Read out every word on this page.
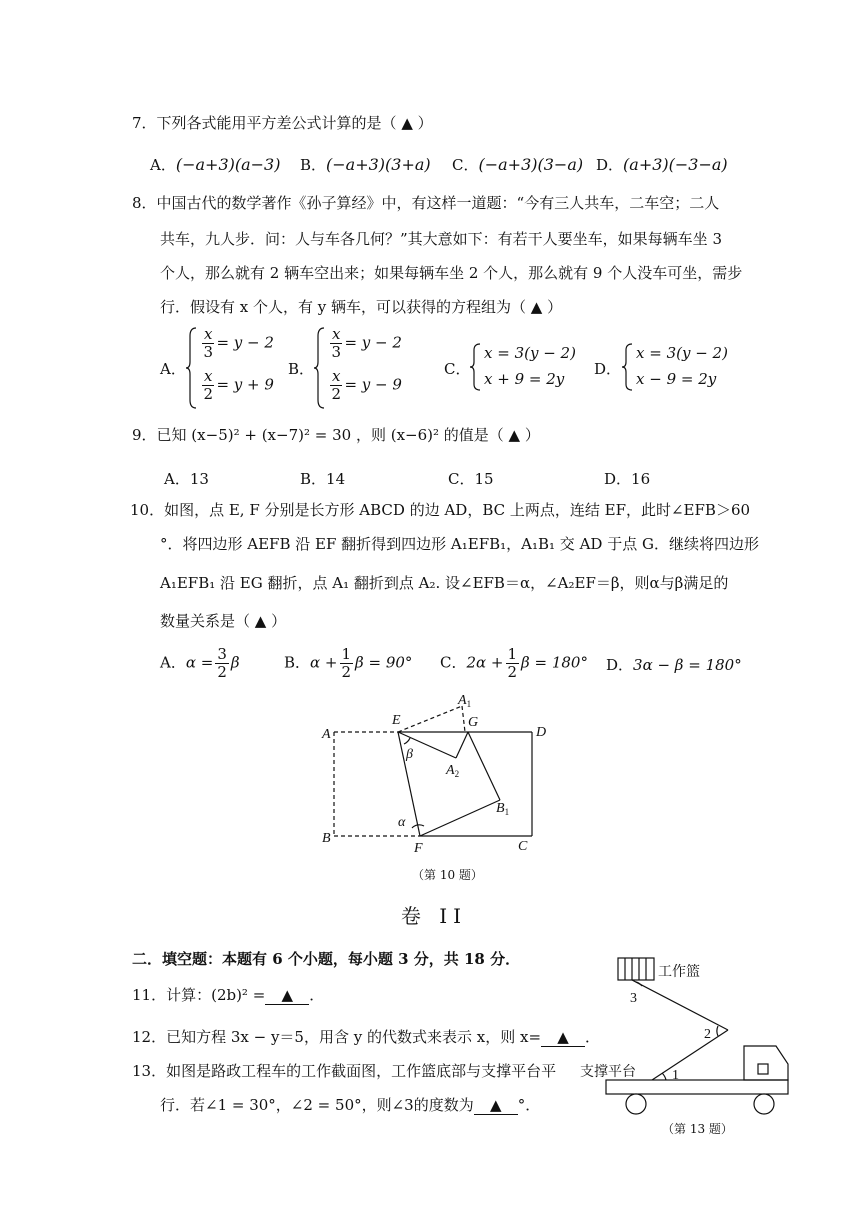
7．下列各式能用平方差公式计算的是（ ▲ ）
A．(−a+3)(a−3) B．(−a+3)(3+a) C．(−a+3)(3−a) D．(a+3)(−3−a)
8．中国古代的数学著作《孙子算经》中，有这样一道题：“今有三人共车，二车空；二人
共车，九人步．问：人与车各几何？”其大意如下：有若干人要坐车，如果每辆车坐 3
个人，那么就有 2 辆车空出来；如果每辆车坐 2 个人，那么就有 9 个人没车可坐，需步
行．假设有 x 个人，有 y 辆车，可以获得的方程组为（ ▲ ）
A．
$\frac{x}{3} = y - 2$
$\frac{x}{2} = y + 9$
B．
$\frac{x}{3} = y - 2$
$\frac{x}{2} = y - 9$
C．
x = 3(y − 2)
x + 9 = 2y
D．
x = 3(y − 2)
x − 9 = 2y
9．已知 (x−5)² + (x−7)² = 30 ，则 (x−6)² 的值是（ ▲ ）
A．13	B．14	C．15	D．16
10．如图，点 E, F 分别是长方形 ABCD 的边 AD，BC 上两点，连结 EF，此时∠EFB＞60
°．将四边形 AEFB 沿 EF 翻折得到四边形 A₁EFB₁，A₁B₁ 交 AD 于点 G．继续将四边形
A₁EFB₁ 沿 EG 翻折，点 A₁ 翻折到点 A₂. 设∠EFB＝α，∠A₂EF＝β，则α与β满足的
数量关系是（ ▲ ）
A．$\alpha = \frac{3}{2}$ β	B．$\alpha + \frac{1}{2}$ β = 90° C．$2\alpha + \frac{1}{2}$ β = 180° D．3α − β = 180°
A
B
C
D
E
F
G
$A_1$
$A_2$
$B_1$
β
α
（第 10 题）
卷 II
二．填空题：本题有 6 个小题，每小题 3 分，共 18 分．
11．计算：(2b)² = ▲ ．
12．已知方程 3x − y＝5，用含 y 的代数式来表示 x，则 x= ▲ ．
13．如图是路政工程车的工作截面图，工作篮底部与支撑平台平
行．若∠1 = 30°，∠2 = 50°，则∠3的度数为 ▲ °．
工作篮
支撑平台
3
2
1
（第 13 题）
